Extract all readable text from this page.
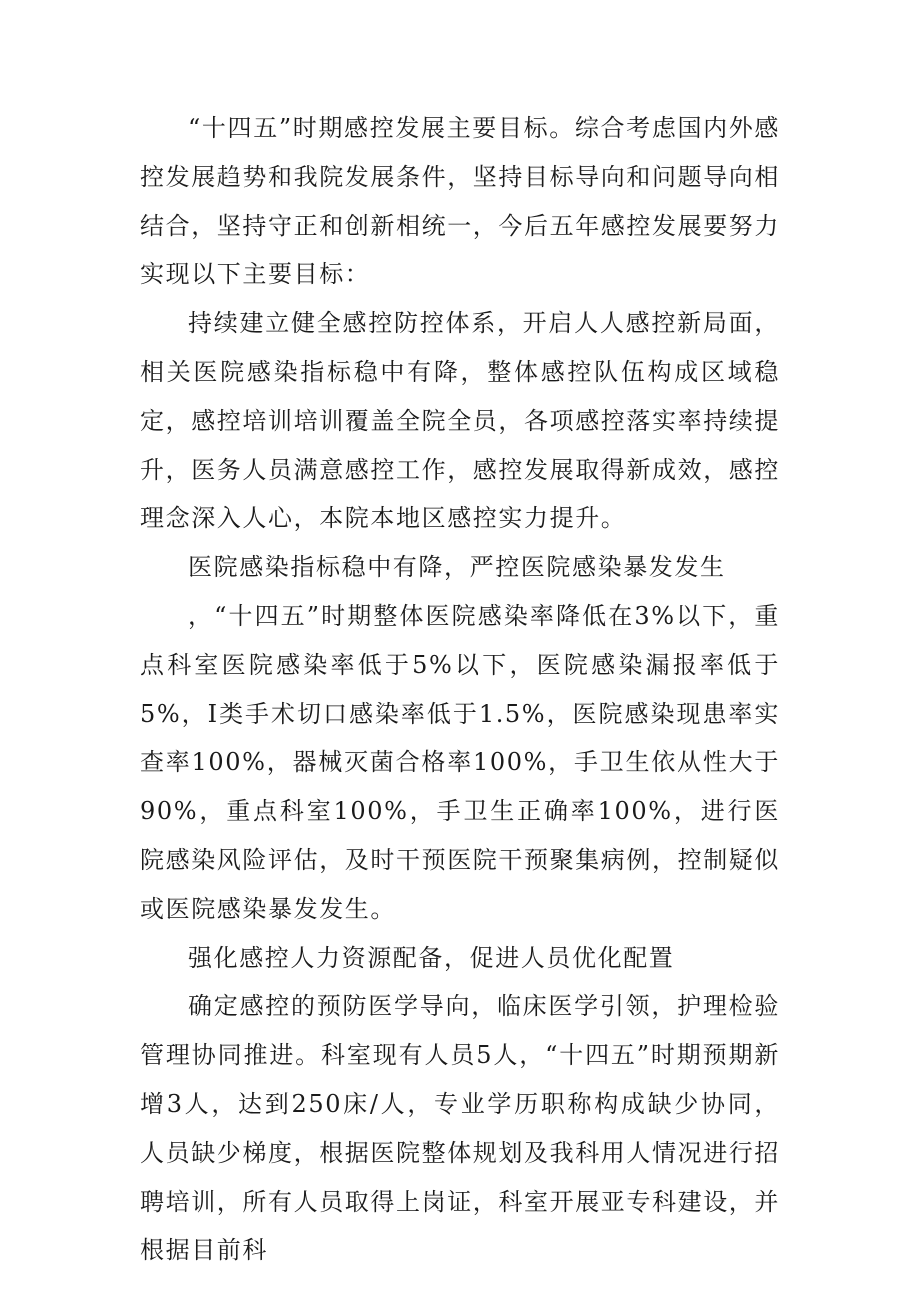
“十四五”时期感控发展主要目标。综合考虑国内外感控发展趋势和我院发展条件，坚持目标导向和问题导向相结合，坚持守正和创新相统一，今后五年感控发展要努力实现以下主要目标：

持续建立健全感控防控体系，开启人人感控新局面，相关医院感染指标稳中有降，整体感控队伍构成区域稳定，感控培训培训覆盖全院全员，各项感控落实率持续提升，医务人员满意感控工作，感控发展取得新成效，感控理念深入人心，本院本地区感控实力提升。

医院感染指标稳中有降，严控医院感染暴发发生

，“十四五”时期整体医院感染率降低在3%以下，重点科室医院感染率低于5%以下，医院感染漏报率低于5%，I类手术切口感染率低于1.5%，医院感染现患率实查率100%，器械灭菌合格率100%，手卫生依从性大于90%，重点科室100%，手卫生正确率100%，进行医院感染风险评估，及时干预医院干预聚集病例，控制疑似或医院感染暴发发生。

强化感控人力资源配备，促进人员优化配置

确定感控的预防医学导向，临床医学引领，护理检验管理协同推进。科室现有人员5人，“十四五”时期预期新增3人，达到250床/人，专业学历职称构成缺少协同，人员缺少梯度，根据医院整体规划及我科用人情况进行招聘培训，所有人员取得上岗证，科室开展亚专科建设，并根据目前科
